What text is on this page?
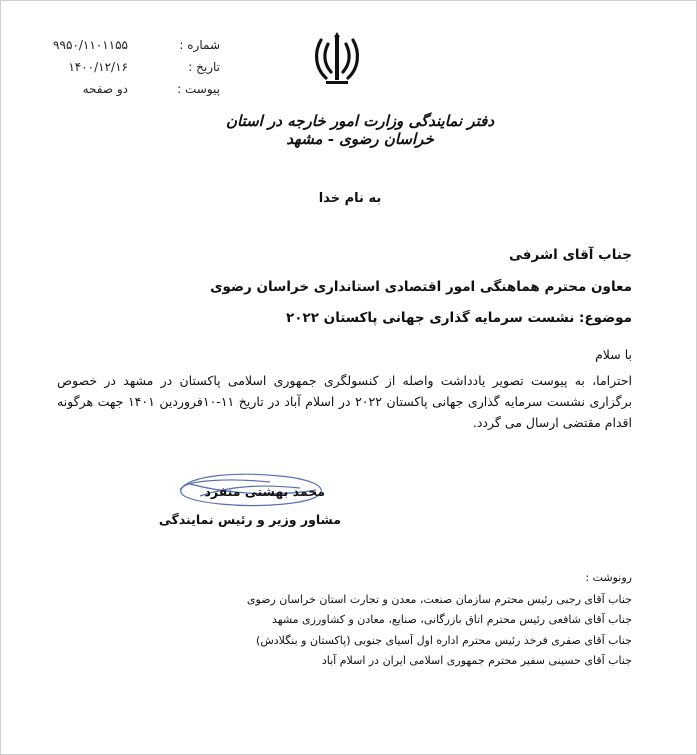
شماره :
۹۹۵۰/۱۱۰۱۱۵۵
تاریخ :
۱۴۰۰/۱۲/۱۶
پیوست :
دو صفحه
دفتر نمایندگی وزارت امور خارجه در استان خراسان رضوی - مشهد
به نام خدا
جناب آقای اشرفی
معاون محترم هماهنگی امور اقتصادی استانداری خراسان رضوی
موضوع: نشست سرمایه گذاری جهانی پاکستان ۲۰۲۲
با سلام
احتراما، به پیوست تصویر یادداشت واصله از کنسولگری جمهوری اسلامی پاکستان در مشهد در خصوص برگزاری نشست سرمایه گذاری جهانی پاکستان ۲۰۲۲ در اسلام آباد در تاریخ ۱۱-۱۰فروردین ۱۴۰۱ جهت هرگونه اقدام مقتضی ارسال می گردد.
محمد بهشتی منفرد
مشاور وزیر و رئیس نمایندگی
رونوشت :
جناب آقای رجبی رئیس محترم سازمان صنعت، معدن و تجارت استان خراسان رضوی
جناب آقای شافعی رئیس محترم اتاق بازرگانی، صنایع، معادن و کشاورزی مشهد
جناب آقای صفری فرخد رئیس محترم اداره اول آسیای جنوبی (پاکستان و بنگلادش)
جناب آقای حسینی سفیر محترم جمهوری اسلامی ایران در اسلام آباد
